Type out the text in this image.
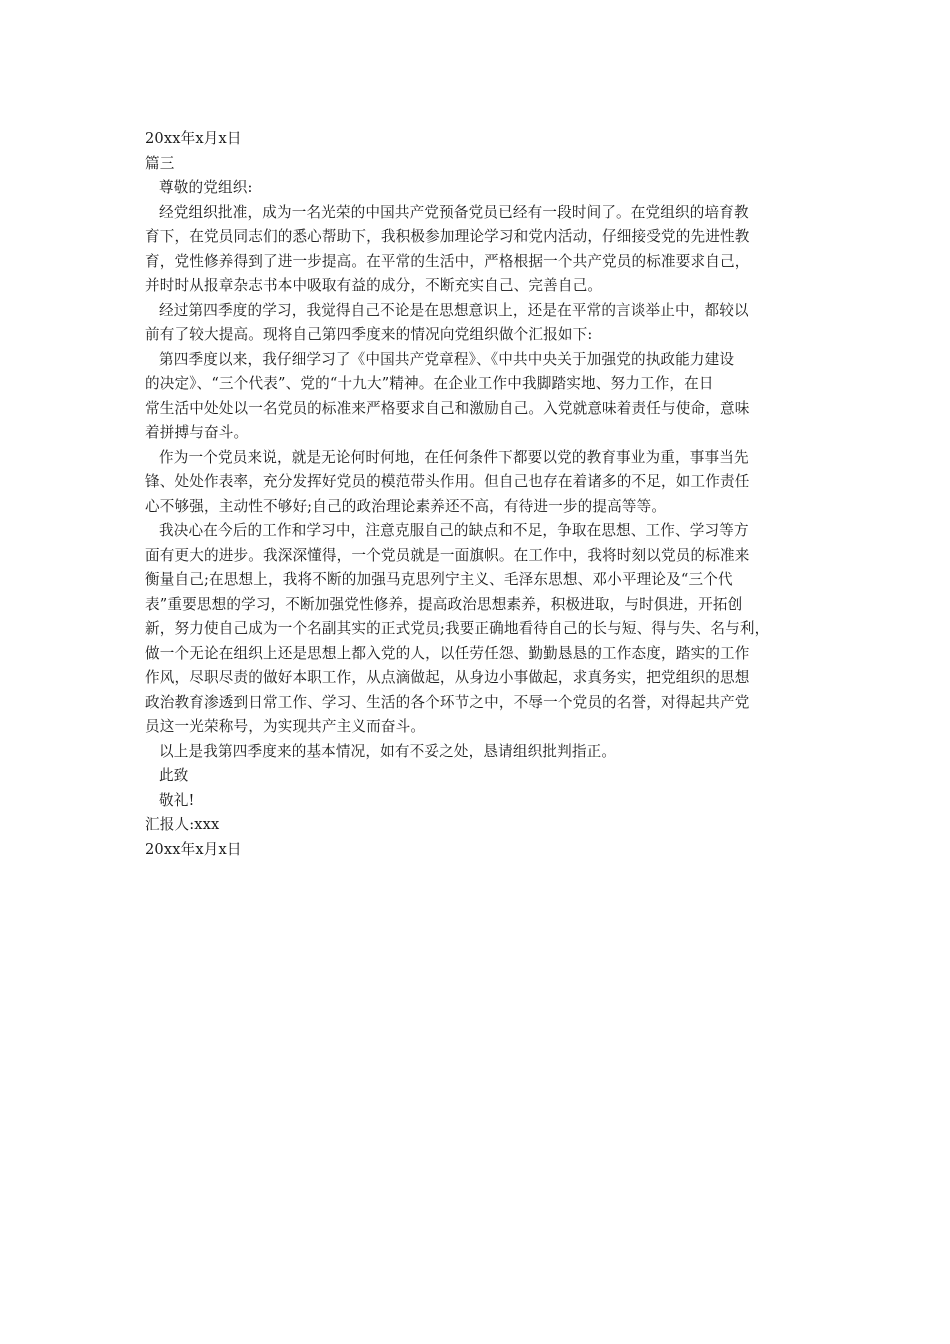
20xx年x月x日

篇三

尊敬的党组织:

经党组织批准，成为一名光荣的中国共产党预备党员已经有一段时间了。在党组织的培育教

育下，在党员同志们的悉心帮助下，我积极参加理论学习和党内活动，仔细接受党的先进性教

育，党性修养得到了进一步提高。在平常的生活中，严格根据一个共产党员的标准要求自己，

并时时从报章杂志书本中吸取有益的成分，不断充实自己、完善自己。

经过第四季度的学习，我觉得自己不论是在思想意识上，还是在平常的言谈举止中，都较以

前有了较大提高。现将自己第四季度来的情况向党组织做个汇报如下:

第四季度以来，我仔细学习了《中国共产党章程》、《中共中央关于加强党的执政能力建设

的决定》、“三个代表”、党的“十九大”精神。在企业工作中我脚踏实地、努力工作，在日

常生活中处处以一名党员的标准来严格要求自己和激励自己。入党就意味着责任与使命，意味

着拼搏与奋斗。

作为一个党员来说，就是无论何时何地，在任何条件下都要以党的教育事业为重，事事当先

锋、处处作表率，充分发挥好党员的模范带头作用。但自己也存在着诸多的不足，如工作责任

心不够强，主动性不够好;自己的政治理论素养还不高，有待进一步的提高等等。

我决心在今后的工作和学习中，注意克服自己的缺点和不足，争取在思想、工作、学习等方

面有更大的进步。我深深懂得，一个党员就是一面旗帜。在工作中，我将时刻以党员的标准来

衡量自己;在思想上，我将不断的加强马克思列宁主义、毛泽东思想、邓小平理论及“三个代

表”重要思想的学习，不断加强党性修养，提高政治思想素养，积极进取，与时俱进，开拓创

新，努力使自己成为一个名副其实的正式党员;我要正确地看待自己的长与短、得与失、名与利，

做一个无论在组织上还是思想上都入党的人，以任劳任怨、勤勤恳恳的工作态度，踏实的工作

作风，尽职尽责的做好本职工作，从点滴做起，从身边小事做起，求真务实，把党组织的思想

政治教育渗透到日常工作、学习、生活的各个环节之中，不辱一个党员的名誉，对得起共产党

员这一光荣称号，为实现共产主义而奋斗。

以上是我第四季度来的基本情况，如有不妥之处，恳请组织批判指正。

此致

敬礼!

汇报人:xxx

20xx年x月x日
